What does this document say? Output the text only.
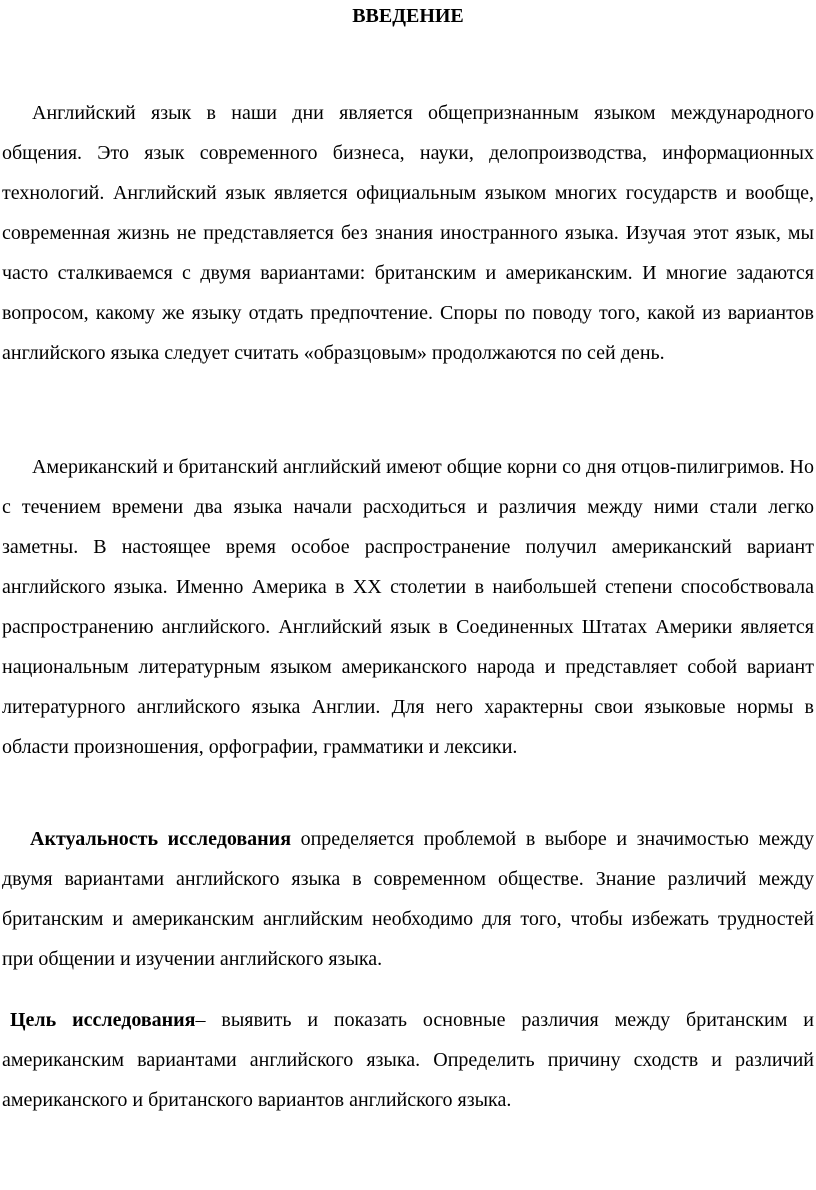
ВВЕДЕНИЕ

Английский язык в наши дни является общепризнанным языком международного общения. Это язык современного бизнеса, науки, делопроизводства, информационных технологий. Английский язык является официальным языком многих государств и вообще, современная жизнь не представляется без знания иностранного языка. Изучая этот язык, мы часто сталкиваемся с двумя вариантами: британским и американским. И многие задаются вопросом, какому же языку отдать предпочтение. Споры по поводу того, какой из вариантов английского языка следует считать «образцовым» продолжаются по сей день.

Американский и британский английский имеют общие корни со дня отцов-пилигримов. Но с течением времени два языка начали расходиться и различия между ними стали легко заметны. В настоящее время особое распространение получил американский вариант английского языка. Именно Америка в XX столетии в наибольшей степени способствовала распространению английского. Английский язык в Соединенных Штатах Америки является национальным литературным языком американского народа и представляет собой вариант литературного английского языка Англии. Для него характерны свои языковые нормы в области произношения, орфографии, грамматики и лексики.

Актуальность исследования определяется проблемой в выборе и значимостью между двумя вариантами английского языка в современном обществе. Знание различий между британским и американским английским необходимо для того, чтобы избежать трудностей при общении и изучении английского языка.

Цель исследования– выявить и показать основные различия между британским и американским вариантами английского языка. Определить причину сходств и различий американского и британского вариантов английского языка.
